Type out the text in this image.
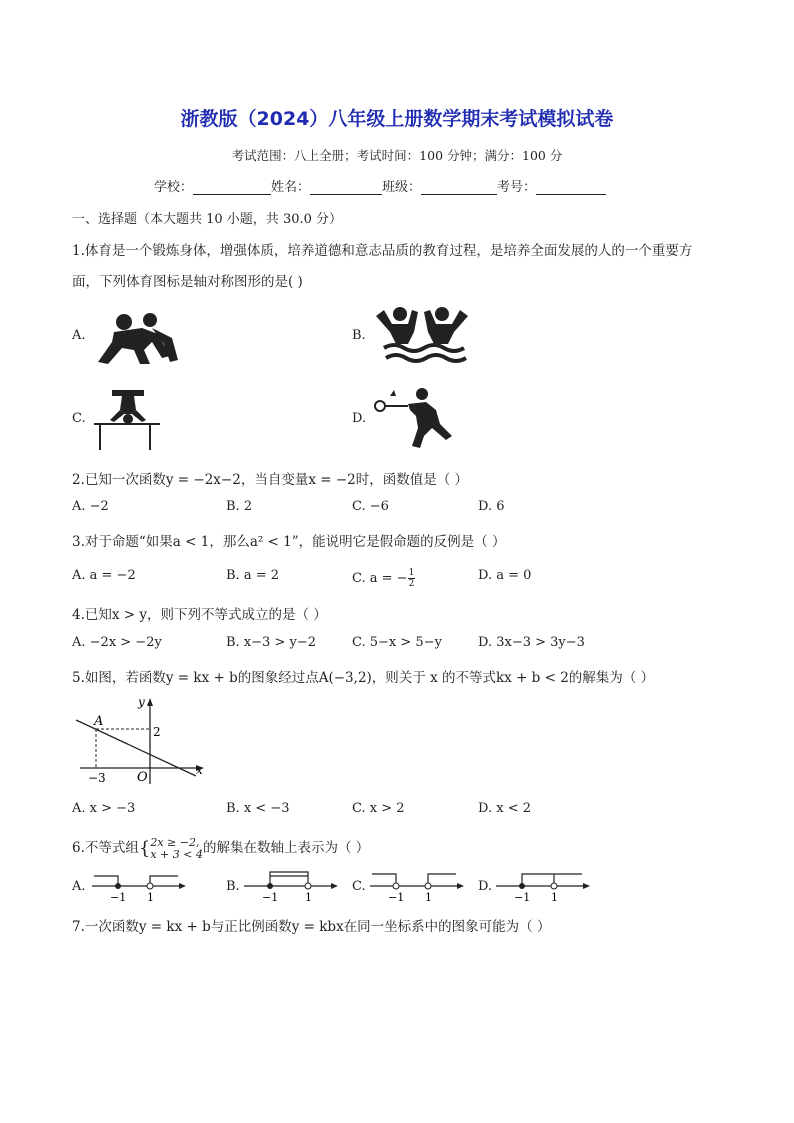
浙教版（2024）八年级上册数学期末考试模拟试卷
考试范围：八上全册；考试时间：100 分钟；满分：100 分
学校：	姓名：	班级：	考号：
一、选择题（本大题共 10 小题，共 30.0 分）
1.体育是一个锻炼身体，增强体质，培养道德和意志品质的教育过程，是培养全面发展的人的一个重要方
面，下列体育图标是轴对称图形的是( )
A.	B.
C.	D.
2.已知一次函数y = −2x−2，当自变量x = −2时，函数值是（ ）
A. −2	B. 2	C. −6	D. 6
3.对于命题“如果a < 1，那么a² < 1”，能说明它是假命题的反例是（ ）
A. a = −2	B. a = 2	C. a = − $\frac{1}{2}$	D. a = 0
4.已知x > y，则下列不等式成立的是（ ）
A. −2x > −2y	B. x−3 > y−2	C. 5−x > 5−y	D. 3x−3 > 3y−3
5.如图，若函数y = kx + b的图象经过点A(−3,2)，则关于 x 的不等式kx + b < 2的解集为（ ）
y
x
A
2
−3 O
A. x > −3	B. x < −3	C. x > 2	D. x < 2
6.不等式组{ 2x ≥ −2,
x + 3 < 4 的解集在数轴上表示为（ ）
A.
−1 1
B.
−1 1
C.
−1 1
D.
−1 1
7.一次函数y = kx + b与正比例函数y = kbx在同一坐标系中的图象可能为（ ）
